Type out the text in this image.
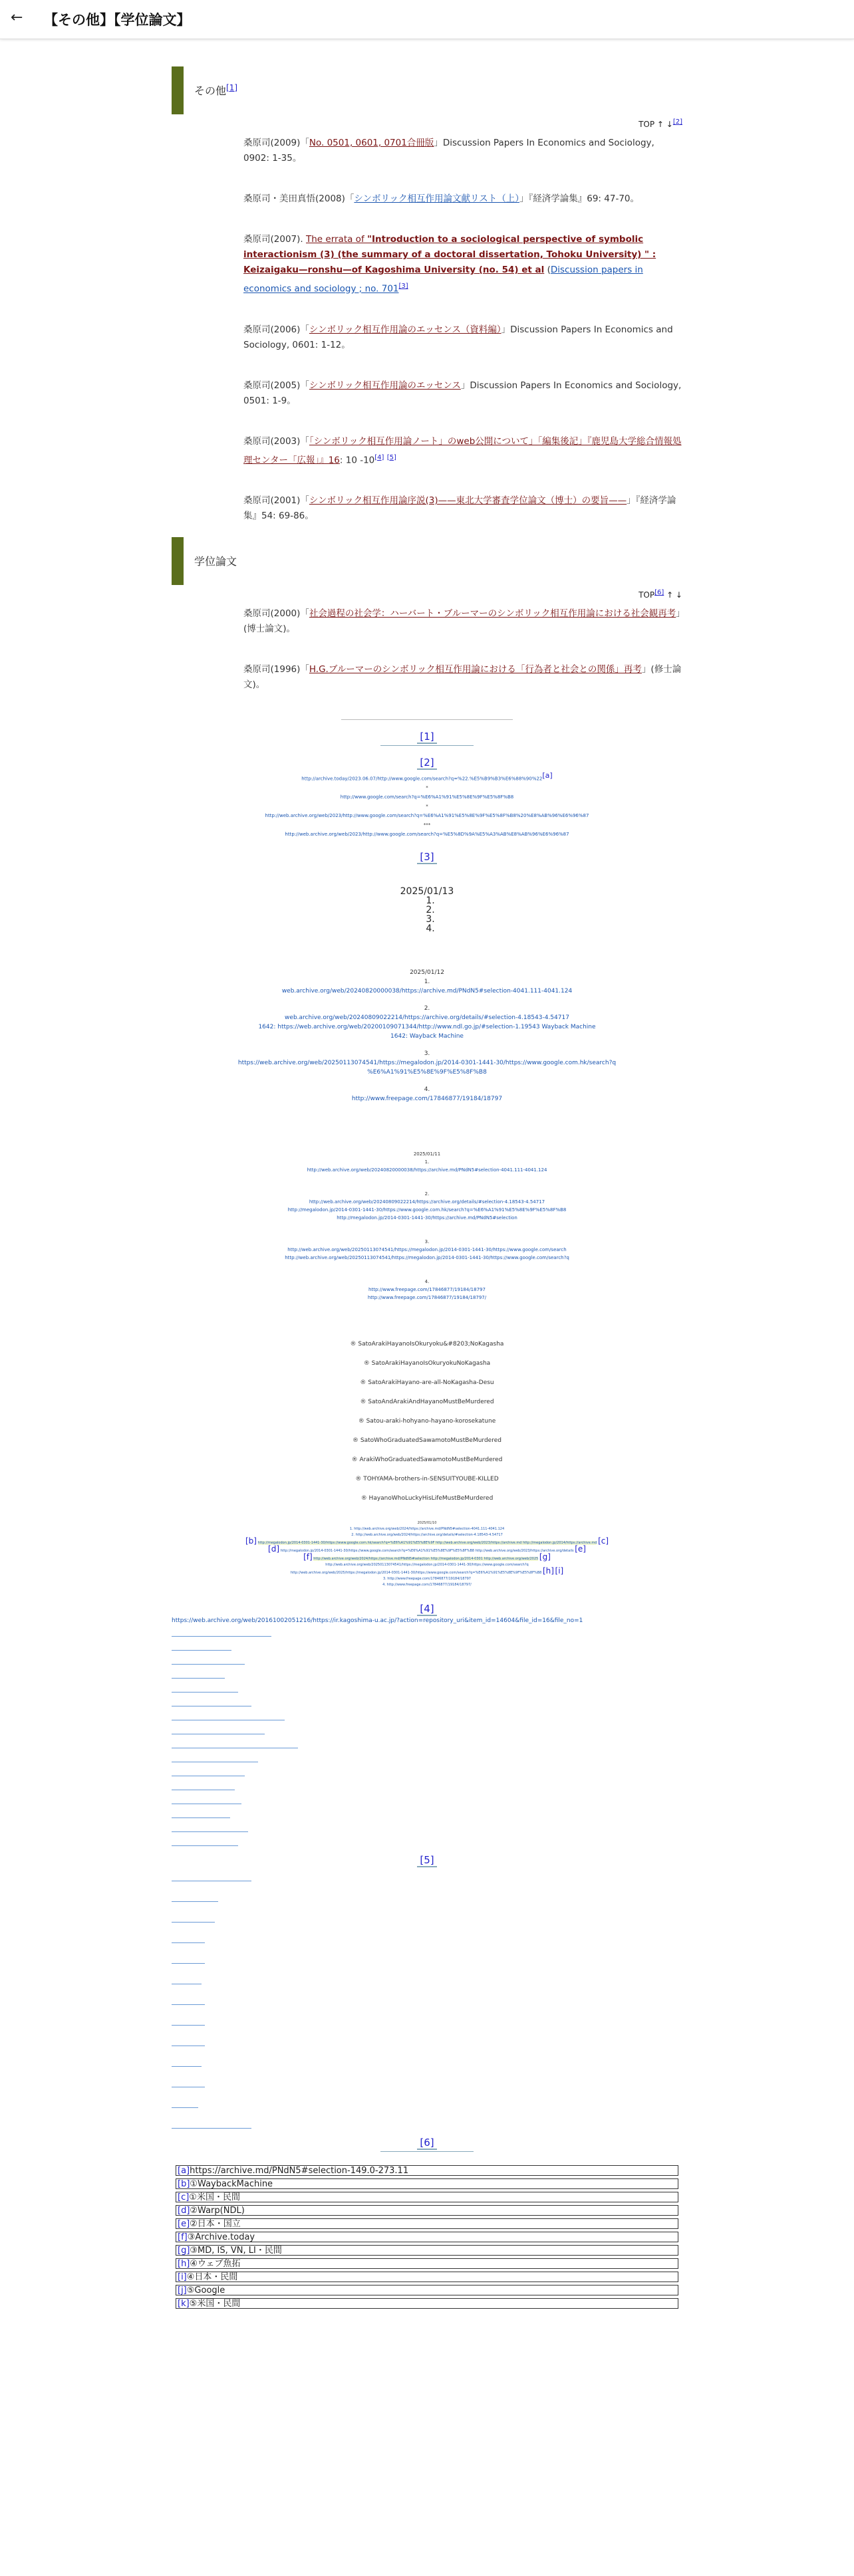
← 【その他】【学位論文】
その他[1]
TOP ↑ ↓[2]
桑原司(2009)「No. 0501, 0601, 0701合冊版」Discussion Papers In Economics and Sociology, 0902: 1-35。
桑原司・美田真悟(2008)「シンボリック相互作用論文献リスト（上）」『経済学論集』69: 47-70。
桑原司(2007). The errata of "Introduction to a sociological perspective of symbolic interactionism (3) (the summary of a doctoral dissertation, Tohoku University) " : Keizaigaku—ronshu—of Kagoshima University (no. 54) et al (Discussion papers in economics and sociology ; no. 701[3]
桑原司(2006)「シンボリック相互作用論のエッセンス（資料編）」Discussion Papers In Economics and Sociology, 0601: 1-12。
桑原司(2005)「シンボリック相互作用論のエッセンス」Discussion Papers In Economics and Sociology, 0501: 1-9。
桑原司(2003)「「シンボリック相互作用論ノート」のweb公開について」「編集後記」『鹿児島大学総合情報処理センター「広報」』16: 10 -10[4] [5]
桑原司(2001)「シンボリック相互作用論序説(3)——東北大学審査学位論文（博士）の要旨——」『経済学論集』54: 69-86。
学位論文
TOP[6] ↑ ↓
桑原司(2000)「社会過程の社会学：ハーバート・ブルーマーのシンボリック相互作用論における社会観再考」(博士論文)。
桑原司(1996)「H.G.ブルーマーのシンボリック相互作用論における「行為者と社会との関係」再考」(修士論文)。
[1]
[2]
http://archive.today/2023.06.07/http://www.google.com/search?q=%22.%E5%B9%B3%E6%88%90%22[a]
*
http://www.google.com/search?q=%E6%A1%91%E5%8E%9F%E5%8F%B8
*
http://web.archive.org/web/2023/http://www.google.com/search?q=%E6%A1%91%E5%8E%9F%E5%8F%B8%20%E8%AB%96%E6%96%87
***
http://web.archive.org/web/2023/http://www.google.com/search?q=%E5%8D%9A%E5%A3%AB%E8%AB%96%E6%96%87
[3]
2025/01/13
1.
2.
3.
4.
2025/01/12
1.
web.archive.org/web/20240820000038/https://archive.md/PNdN5#selection-4041.111-4041.124
2.
web.archive.org/web/20240809022214/https://archive.org/details/#selection-4.18543-4.54717
1642: https://web.archive.org/web/20200109071344/http://www.ndl.go.jp/#selection-1.19543 Wayback Machine
1642: Wayback Machine
3.
https://web.archive.org/web/20250113074541/https://megalodon.jp/2014-0301-1441-30/https://www.google.com.hk/search?q
%E6%A1%91%E5%8E%9F%E5%8F%B8
4.
http://www.freepage.com/17846877/19184/18797
2025/01/11
1.
http://web.archive.org/web/20240820000038/https://archive.md/PNdN5#selection-4041.111-4041.124
2.
http://web.archive.org/web/20240809022214/https://archive.org/details/#selection-4.18543-4.54717
http://megalodon.jp/2014-0301-1441-30/https://www.google.com.hk/search?q=%E6%A1%91%E5%8E%9F%E5%8F%B8
http://megalodon.jp/2014-0301-1441-30/https://archive.md/PNdN5#selection
3.
http://web.archive.org/web/20250113074541/https://megalodon.jp/2014-0301-1441-30/https://www.google.com/search
http://web.archive.org/web/20250113074541/https://megalodon.jp/2014-0301-1441-30/https://www.google.com/search?q
4.
http://www.freepage.com/17846877/19184/18797
http://www.freepage.com/17846877/19184/18797/
® SatoArakiHayanoIsOkuryoku&#8203;NoKagasha
® SatoArakiHayanoIsOkuryokuNoKagasha
® SatoArakiHayano-are-all-NoKagasha-Desu
® SatoAndArakiAndHayanoMustBeMurdered
® Satou-araki-hohyano-hayano-korosekatune
® SatoWhoGraduatedSawamotoMustBeMurdered
® ArakiWhoGraduatedSawamotoMustBeMurdered
® TOHYAMA-brothers-in-SENSUITYOUBE-KILLED
® HayanoWhoLuckyHisLifeMustBeMurdered
2025/01/10
1. http://web.archive.org/web/2024/https://archive.md/PNdN5#selection-4041.111-4041.124
2. http://web.archive.org/web/2024/https://archive.org/details/#selection-4.18543-4.54717
[b] http://megalodon.jp/2014-0301-1441-30/https://www.google.com.hk/search?q=%E6%A1%91%E5%8E%9F http://web.archive.org/web/2023/https://archive.md http://megalodon.jp/2014/https://archive.md [c]
[d] http://megalodon.jp/2014-0301-1441-30/https://www.google.com/search?q=%E6%A1%91%E5%8E%9F%E5%8F%B8 http://web.archive.org/web/2023/https://archive.org/details [e]
[f] http://web.archive.org/web/2024/https://archive.md/PNdN5#selection http://megalodon.jp/2014-0301 http://web.archive.org/web/2025 [g]
http://web.archive.org/web/20250113074541/https://megalodon.jp/2014-0301-1441-30/https://www.google.com/search?q
http://web.archive.org/web/2025/https://megalodon.jp/2014-0301-1441-30/https://www.google.com/search?q=%E6%A1%91%E5%8E%9F%E5%8F%B8 [h] [i]
3. http://www.freepage.com/17846877/19184/18797
4. http://www.freepage.com/17846877/19184/18797/
[4]
https://web.archive.org/web/20161002051216/https://ir.kagoshima-u.ac.jp/?action=repository_uri&item_id=14604&file_id=16&file_no=1
[5]
[6]
[a]https://archive.md/PNdN5#selection-149.0-273.11
[b]①WaybackMachine
[c]①米国・民間
[d]②Warp(NDL)
[e]②日本・国立
[f]③Archive.today
[g]③MD, IS, VN, LI・民間
[h]④ウェブ魚拓
[i]④日本・民間
[j]⑤Google
[k]⑤米国・民間
